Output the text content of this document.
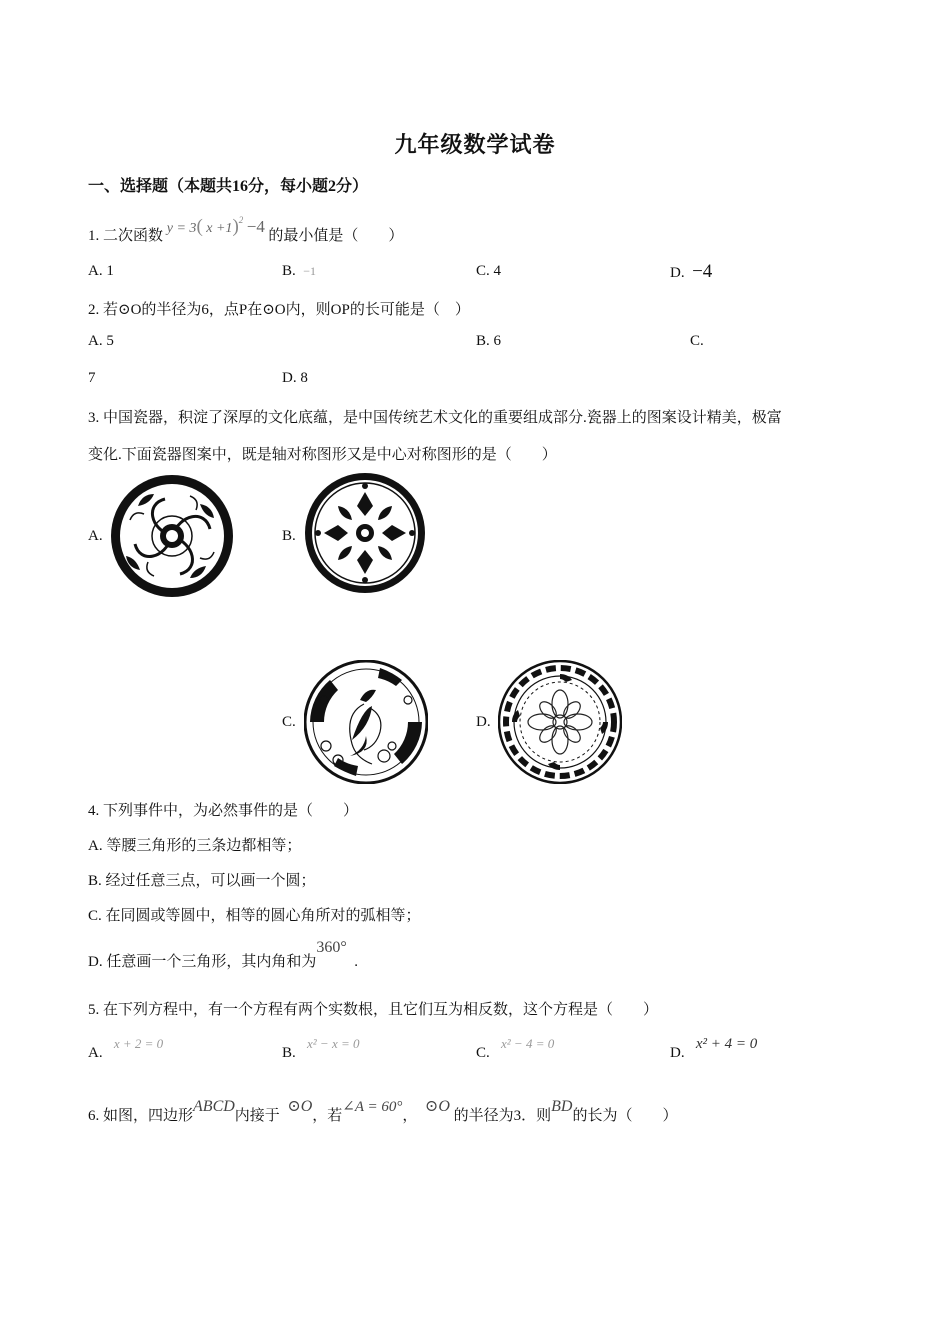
九年级数学试卷
一、选择题（本题共16分，每小题2分）
1. 二次函数 y = 3( x +1)$^2$ −4 的最小值是（　　）
A. 1	B. −1	C. 4	D. −4
2. 若⊙O的半径为6，点P在⊙O内，则OP的长可能是（　）
A. 5	B. 6	C.
7	D. 8
3. 中国瓷器，积淀了深厚的文化底蕴，是中国传统艺术文化的重要组成部分.瓷器上的图案设计精美，极富
变化.下面瓷器图案中，既是轴对称图形又是中心对称图形的是（　　）
A.	B.
C.	D.
4. 下列事件中，为必然事件的是（　　）
A. 等腰三角形的三条边都相等；
B. 经过任意三点，可以画一个圆；
C. 在同圆或等圆中，相等的圆心角所对的弧相等；
D. 任意画一个三角形，其内角和为360°  .
5. 在下列方程中，有一个方程有两个实数根，且它们互为相反数，这个方程是（　　）
A.   x + 2 = 0
B.   x² − x = 0
C.   x² − 4 = 0
D.   x² + 4 = 0
6. 如图，四边形ABCD内接于  ⊙O，若∠A = 60°，  ⊙O 的半径为3．则BD的长为（　　）
